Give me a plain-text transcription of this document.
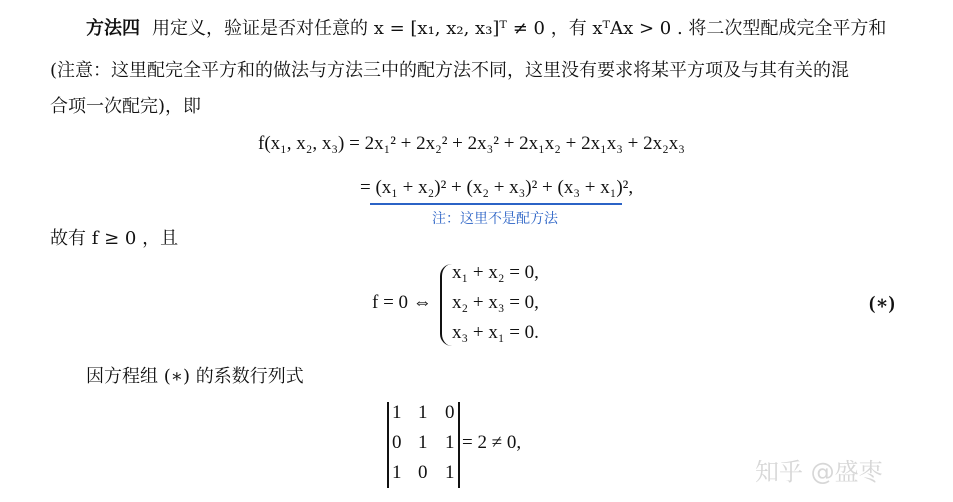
方法四 用定义，验证是否对任意的 x = [x₁, x₂, x₃]ᵀ ≠ 0 ，有 xᵀAx > 0 . 将二次型配成完全平方和
(注意：这里配完全平方和的做法与方法三中的配方法不同，这里没有要求将某平方项及与其有关的混
合项一次配完)，即
f(x₁, x₂, x₃) = 2x₁² + 2x₂² + 2x₃² + 2x₁x₂ + 2x₁x₃ + 2x₂x₃
= (x₁ + x₂)² + (x₂ + x₃)² + (x₃ + x₁)²,
注：这里不是配方法
故有 f ≥ 0 ，且
f = 0 ⇔
x₁ + x₂ = 0,
x₂ + x₃ = 0,
x₃ + x₁ = 0.
(∗)
因方程组 (∗) 的系数行列式
1 1 0
0 1 1
1 0 1
= 2 ≠ 0,
知乎 @盛枣
